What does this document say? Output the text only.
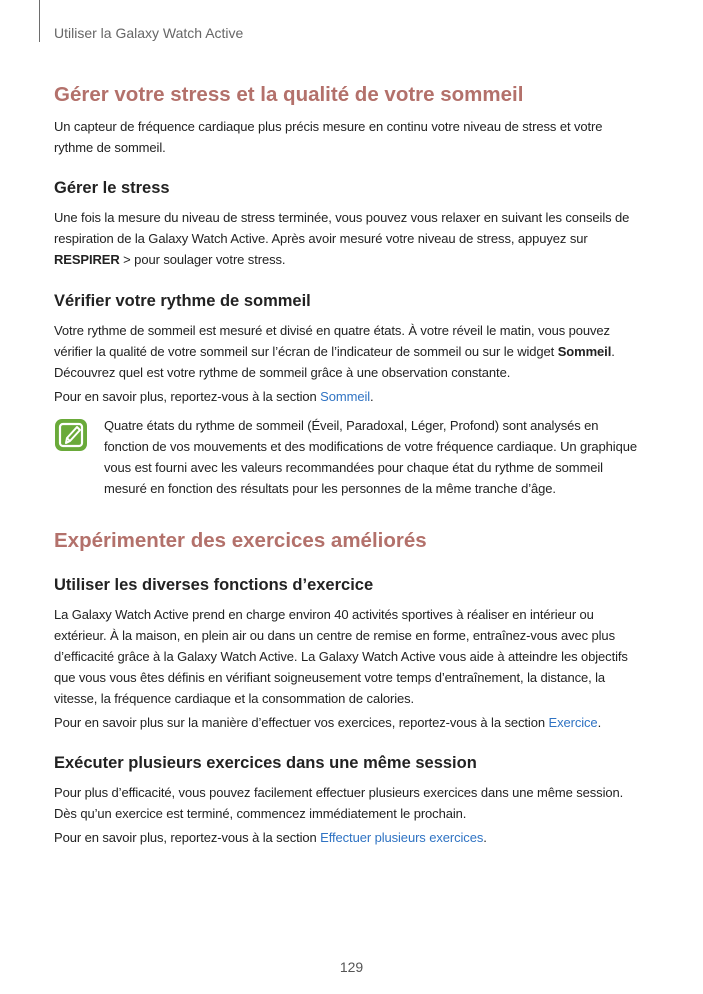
Utiliser la Galaxy Watch Active
Gérer votre stress et la qualité de votre sommeil

Un capteur de fréquence cardiaque plus précis mesure en continu votre niveau de stress et votre rythme de sommeil.

Gérer le stress

Une fois la mesure du niveau de stress terminée, vous pouvez vous relaxer en suivant les conseils de respiration de la Galaxy Watch Active. Après avoir mesuré votre niveau de stress, appuyez sur RESPIRER > pour soulager votre stress.

Vérifier votre rythme de sommeil

Votre rythme de sommeil est mesuré et divisé en quatre états. À votre réveil le matin, vous pouvez vérifier la qualité de votre sommeil sur l’écran de l’indicateur de sommeil ou sur le widget Sommeil. Découvrez quel est votre rythme de sommeil grâce à une observation constante.

Pour en savoir plus, reportez-vous à la section Sommeil.

Quatre états du rythme de sommeil (Éveil, Paradoxal, Léger, Profond) sont analysés en fonction de vos mouvements et des modifications de votre fréquence cardiaque. Un graphique vous est fourni avec les valeurs recommandées pour chaque état du rythme de sommeil mesuré en fonction des résultats pour les personnes de la même tranche d’âge.

Expérimenter des exercices améliorés
Utiliser les diverses fonctions d’exercice

La Galaxy Watch Active prend en charge environ 40 activités sportives à réaliser en intérieur ou extérieur. À la maison, en plein air ou dans un centre de remise en forme, entraînez-vous avec plus d’efficacité grâce à la Galaxy Watch Active. La Galaxy Watch Active vous aide à atteindre les objectifs que vous vous êtes définis en vérifiant soigneusement votre temps d’entraînement, la distance, la vitesse, la fréquence cardiaque et la consommation de calories.

Pour en savoir plus sur la manière d’effectuer vos exercices, reportez-vous à la section Exercice.

Exécuter plusieurs exercices dans une même session

Pour plus d’efficacité, vous pouvez facilement effectuer plusieurs exercices dans une même session. Dès qu’un exercice est terminé, commencez immédiatement le prochain.

Pour en savoir plus, reportez-vous à la section Effectuer plusieurs exercices.

129
